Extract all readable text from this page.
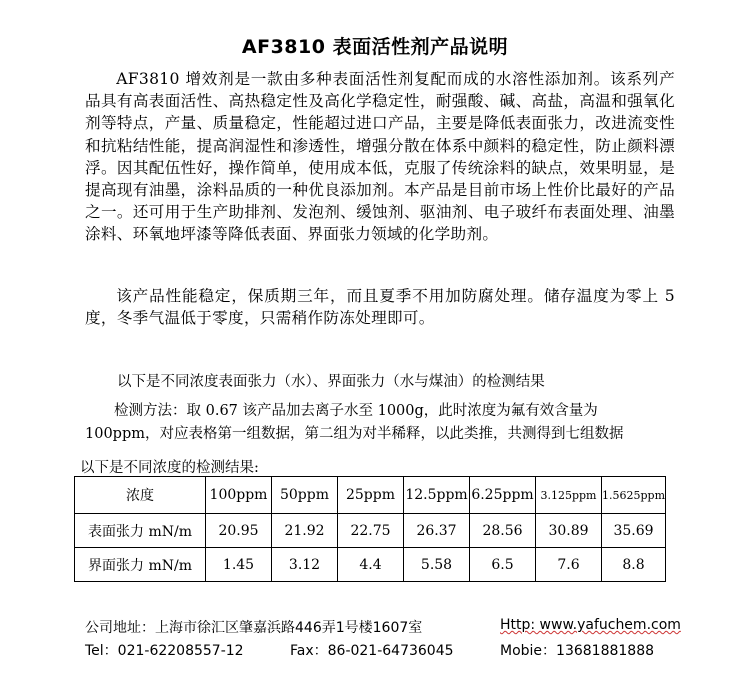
AF3810 表面活性剂产品说明
AF3810 增效剂是一款由多种表面活性剂复配而成的水溶性添加剂。该系列产品具有高表面活性、高热稳定性及高化学稳定性，耐强酸、碱、高盐，高温和强氧化剂等特点，产量、质量稳定，性能超过进口产品，主要是降低表面张力，改进流变性和抗粘结性能，提高润湿性和渗透性，增强分散在体系中颜料的稳定性，防止颜料漂浮。因其配伍性好，操作简单，使用成本低，克服了传统涂料的缺点，效果明显，是提高现有油墨，涂料品质的一种优良添加剂。本产品是目前市场上性价比最好的产品之一。还可用于生产助排剂、发泡剂、缓蚀剂、驱油剂、电子玻纤布表面处理、油墨涂料、环氧地坪漆等降低表面、界面张力领域的化学助剂。
该产品性能稳定，保质期三年，而且夏季不用加防腐处理。储存温度为零上 5 度，冬季气温低于零度，只需稍作防冻处理即可。
以下是不同浓度表面张力（水）、界面张力（水与煤油）的检测结果
检测方法：取 0.67 该产品加去离子水至 1000g，此时浓度为氟有效含量为 100ppm，对应表格第一组数据，第二组为对半稀释，以此类推，共测得到七组数据
以下是不同浓度的检测结果:
浓度	100ppm	50ppm	25ppm	12.5ppm	6.25ppm	3.125ppm	1.5625ppm
表面张力 mN/m	20.95	21.92	22.75	26.37	28.56	30.89	35.69
界面张力 mN/m	1.45	3.12	4.4	5.58	6.5	7.6	8.8
公司地址：上海市徐汇区肇嘉浜路446弄1号楼1607室	Http: www.yafuchem.com
Tel：021-62208557-12	Fax：86-021-64736045	Mobie：13681881888
